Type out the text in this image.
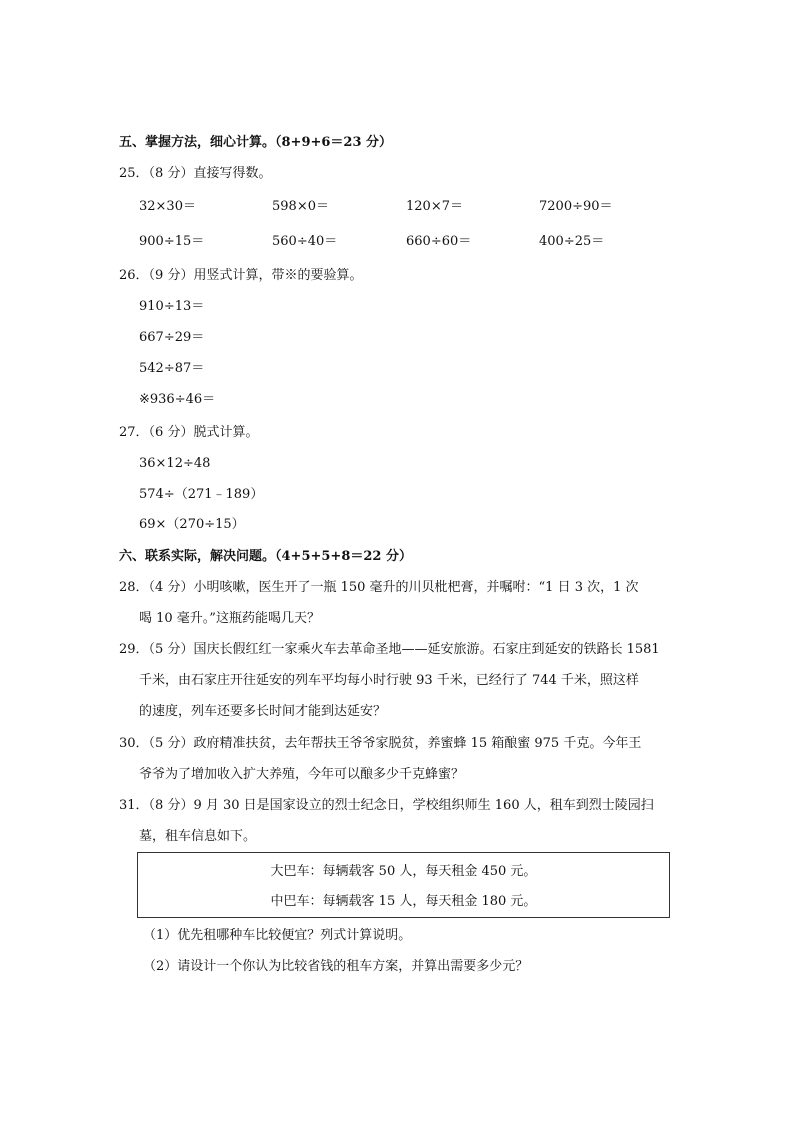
五、掌握方法，细心计算。（8+9+6＝23 分）
25．（8 分）直接写得数。
32×30＝	598×0＝	120×7＝	7200÷90＝
900÷15＝	560÷40＝	660÷60＝	400÷25＝
26．（9 分）用竖式计算，带※的要验算。
910÷13＝
667÷29＝
542÷87＝
※936÷46＝
27．（6 分）脱式计算。
36×12÷48
574÷（271﹣189）
69×（270÷15）
六、联系实际，解决问题。（4+5+5+8＝22 分）
28．（4 分）小明咳嗽，医生开了一瓶 150 毫升的川贝枇杷膏，并嘱咐：“1 日 3 次，1 次
喝 10 毫升。”这瓶药能喝几天？
29．（5 分）国庆长假红红一家乘火车去革命圣地——延安旅游。石家庄到延安的铁路长 1581
千米，由石家庄开往延安的列车平均每小时行驶 93 千米，已经行了 744 千米，照这样
的速度，列车还要多长时间才能到达延安？
30．（5 分）政府精准扶贫，去年帮扶王爷爷家脱贫，养蜜蜂 15 箱酿蜜 975 千克。今年王
爷爷为了增加收入扩大养殖，今年可以酿多少千克蜂蜜？
31．（8 分）9 月 30 日是国家设立的烈士纪念日，学校组织师生 160 人，租车到烈士陵园扫
墓，租车信息如下。
大巴车：每辆载客 50 人，每天租金 450 元。
中巴车：每辆载客 15 人，每天租金 180 元。
（1）优先租哪种车比较便宜？列式计算说明。
（2）请设计一个你认为比较省钱的租车方案，并算出需要多少元？
